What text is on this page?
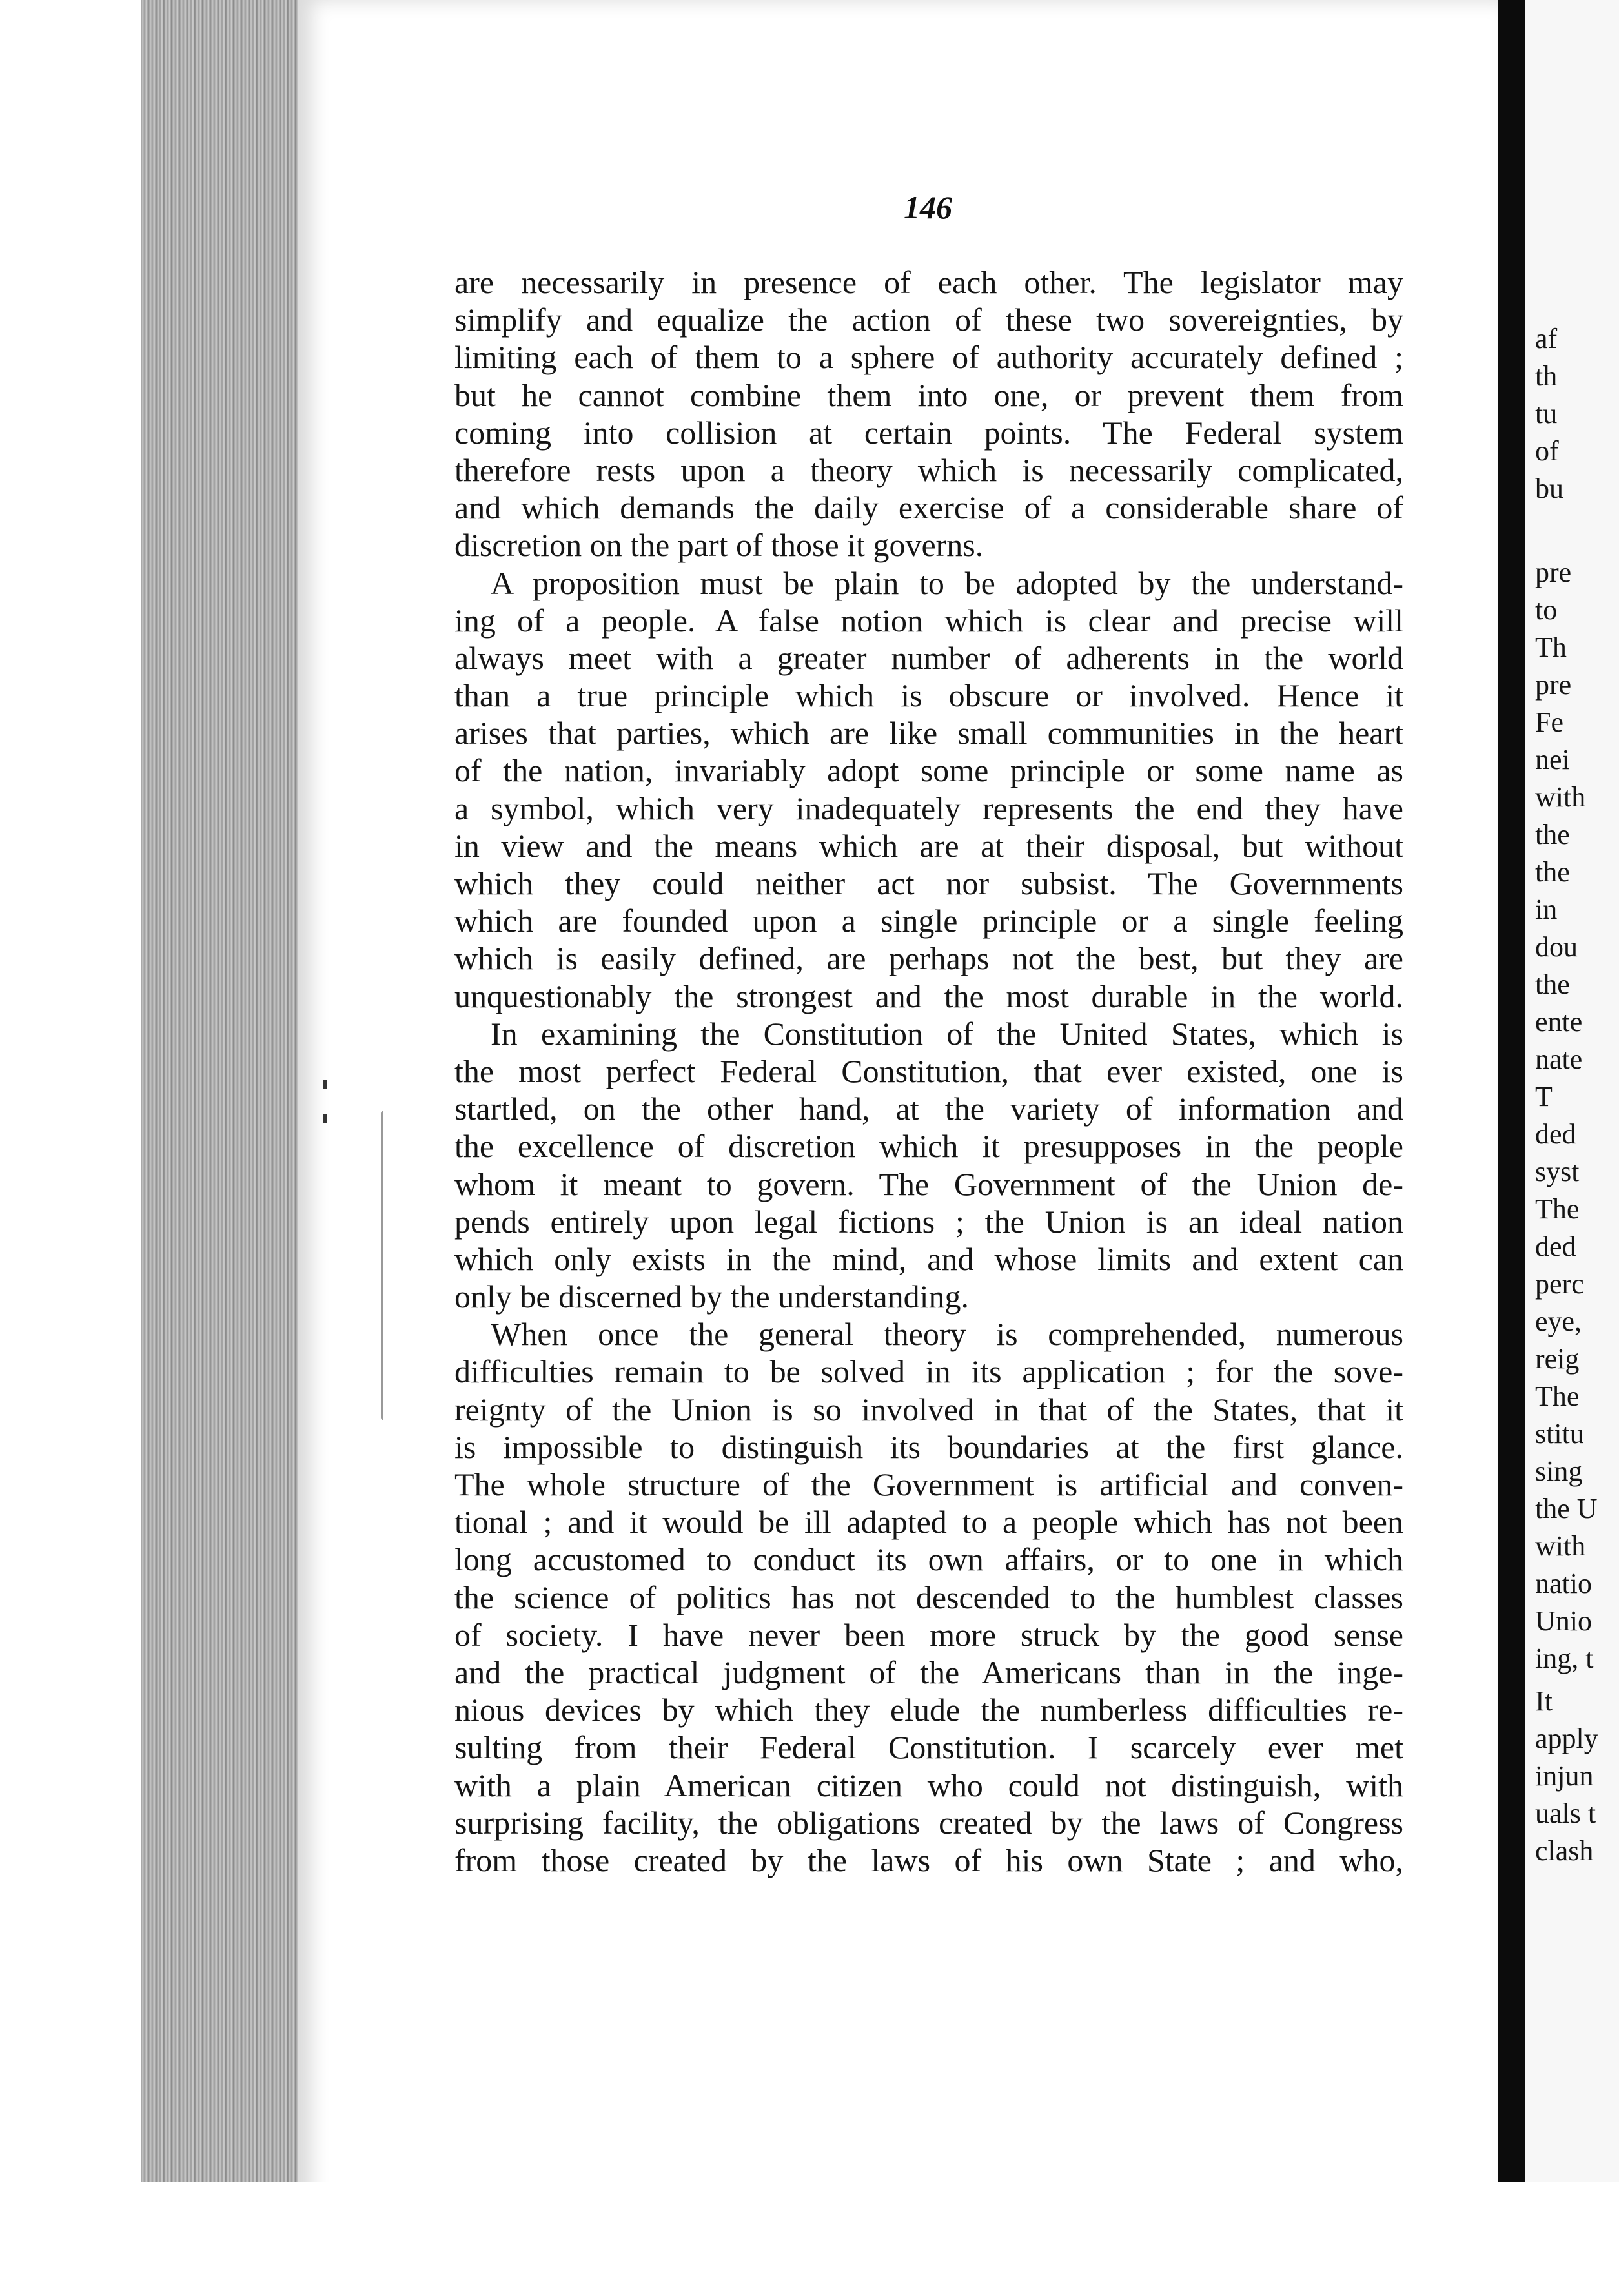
146
are necessarily in presence of each other. The legislator may
simplify and equalize the action of these two sovereignties, by
limiting each of them to a sphere of authority accurately defined ;
but he cannot combine them into one, or prevent them from
coming into collision at certain points. The Federal system
therefore rests upon a theory which is necessarily complicated,
and which demands the daily exercise of a considerable share of
discretion on the part of those it governs.
A proposition must be plain to be adopted by the understand-
ing of a people. A false notion which is clear and precise will
always meet with a greater number of adherents in the world
than a true principle which is obscure or involved. Hence it
arises that parties, which are like small communities in the heart
of the nation, invariably adopt some principle or some name as
a symbol, which very inadequately represents the end they have
in view and the means which are at their disposal, but without
which they could neither act nor subsist. The Governments
which are founded upon a single principle or a single feeling
which is easily defined, are perhaps not the best, but they are
unquestionably the strongest and the most durable in the world.
In examining the Constitution of the United States, which is
the most perfect Federal Constitution, that ever existed, one is
startled, on the other hand, at the variety of information and
the excellence of discretion which it presupposes in the people
whom it meant to govern. The Government of the Union de-
pends entirely upon legal fictions ; the Union is an ideal nation
which only exists in the mind, and whose limits and extent can
only be discerned by the understanding.
When once the general theory is comprehended, numerous
difficulties remain to be solved in its application ; for the sove-
reignty of the Union is so involved in that of the States, that it
is impossible to distinguish its boundaries at the first glance.
The whole structure of the Government is artificial and conven-
tional ; and it would be ill adapted to a people which has not been
long accustomed to conduct its own affairs, or to one in which
the science of politics has not descended to the humblest classes
of society. I have never been more struck by the good sense
and the practical judgment of the Americans than in the inge-
nious devices by which they elude the numberless difficulties re-
sulting from their Federal Constitution. I scarcely ever met
with a plain American citizen who could not distinguish, with
surprising facility, the obligations created by the laws of Congress
from those created by the laws of his own State ; and who,
af
th
tu
of
bu
pre
to
Th
pre
Fe
nei
with
the
the
in
dou
the
ente
nate
T
ded
syst
The
ded
perc
eye,
reig
The
stitu
sing
the U
with
natio
Unio
ing, t
It
apply
injun
uals t
clash
